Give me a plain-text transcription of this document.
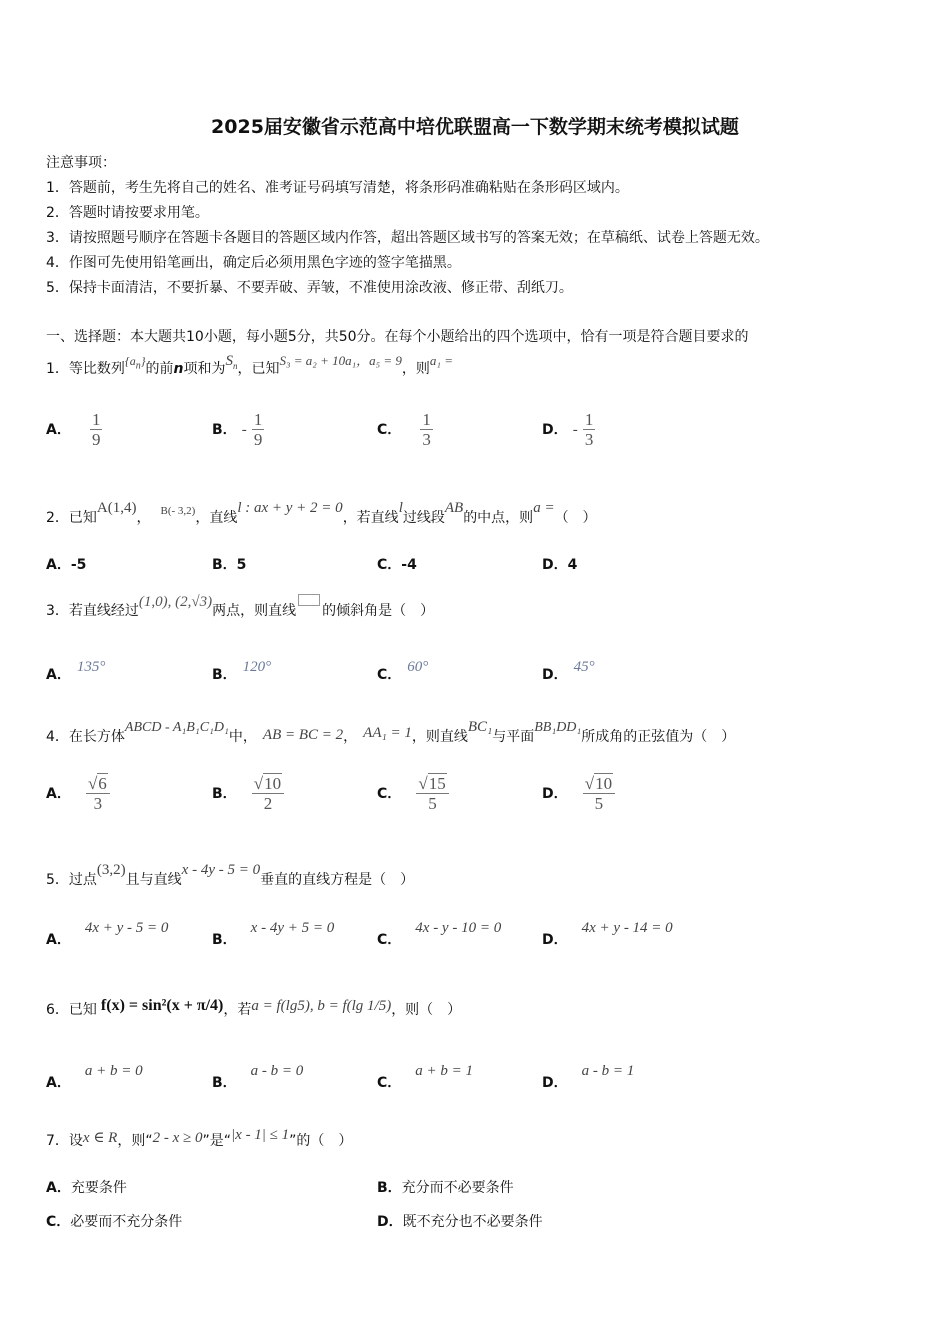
2025届安徽省示范高中培优联盟高一下数学期末统考模拟试题
注意事项：
1．答题前，考生先将自己的姓名、准考证号码填写清楚，将条形码准确粘贴在条形码区域内。
2．答题时请按要求用笔。
3．请按照题号顺序在答题卡各题目的答题区域内作答，超出答题区域书写的答案无效；在草稿纸、试卷上答题无效。
4．作图可先使用铅笔画出，确定后必须用黑色字迹的签字笔描黑。
5．保持卡面清洁，不要折暴、不要弄破、弄皱，不准使用涂改液、修正带、刮纸刀。
一、选择题：本大题共10小题，每小题5分，共50分。在每个小题给出的四个选项中，恰有一项是符合题目要求的
1．等比数列$\{a_n\}$的前n项和为$S_n$，已知S₃ = a₂ + 10a₁，a₅ = 9，则a₁ =
A． $\frac{1}{9}$	B． - $\frac{1}{9}$	C． $\frac{1}{3}$	D． - $\frac{1}{3}$
2．已知A(1,4)， $^{B(- 3,2)}$，直线l : ax + y + 2 = 0，若直线l过线段AB的中点，则a =（　）
A．-5	B．5	C．-4	D．4
3．若直线经过(1,0), (2,√3)两点，则直线 的倾斜角是（　）
A． 135°	B． 120°	C． 60°	D． 45°
4．在长方体ABCD - A₁B₁C₁D₁中， AB = BC = 2， AA₁ = 1，则直线BC₁与平面BB₁DD₁所成角的正弦值为（　）
A． $\frac{√6}{3}$	B． $\frac{√10}{2}$	C． $\frac{√15}{5}$	D． $\frac{√10}{5}$
5．过点(3,2)且与直线x - 4y - 5 = 0垂直的直线方程是（　）
A．4x + y - 5 = 0
B．x - 4y + 5 = 0
C．4x - y - 10 = 0
D．4x + y - 14 = 0
6．已知 f(x) = sin²(x + π/4)，若a = f(lg5), b = f(lg 1/5)，则（　）
A．a + b = 0
B．a - b = 0
C．a + b = 1
D．a - b = 1
7．设x ∈ R，则“2 - x ≥ 0”是“|x - 1| ≤ 1”的（　）
A．充要条件	B．充分而不必要条件
C．必要而不充分条件	D．既不充分也不必要条件
